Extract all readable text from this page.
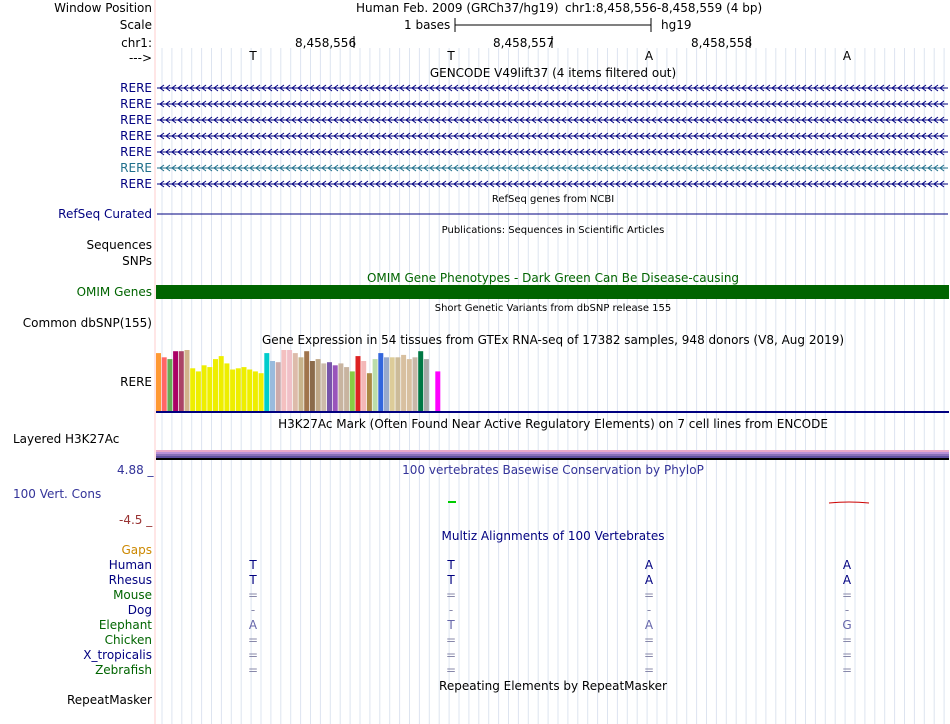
Window Position	Human Feb. 2009 (GRCh37/hg19) chr1:8,458,556-8,458,559 (4 bp)
Scale	1 bases	hg19
chr1:	8,458,556	8,458,557	8,458,558
--->	T	T	A	A
GENCODE V49lift37 (4 items filtered out)
RERE
RERE
RERE
RERE
RERE
RERE
RERE
RefSeq genes from NCBI
RefSeq Curated
Publications: Sequences in Scientific Articles
Sequences
SNPs
OMIM Gene Phenotypes - Dark Green Can Be Disease-causing
OMIM Genes
Short Genetic Variants from dbSNP release 155
Common dbSNP(155)
Gene Expression in 54 tissues from GTEx RNA-seq of 17382 samples, 948 donors (V8, Aug 2019)
RERE
H3K27Ac Mark (Often Found Near Active Regulatory Elements) on 7 cell lines from ENCODE
Layered H3K27Ac
4.88 _	100 vertebrates Basewise Conservation by PhyloP
100 Vert. Cons
-4.5 _
Multiz Alignments of 100 Vertebrates
Gaps
Human	T	T	A	A
Rhesus	T	T	A	A
Mouse	=	=	=	=
Dog	-	-	-	-
Elephant	A	T	A	G
Chicken	=	=	=	=
X_tropicalis	=	=	=	=
Zebrafish	=	=	=	=
Repeating Elements by RepeatMasker
RepeatMasker
